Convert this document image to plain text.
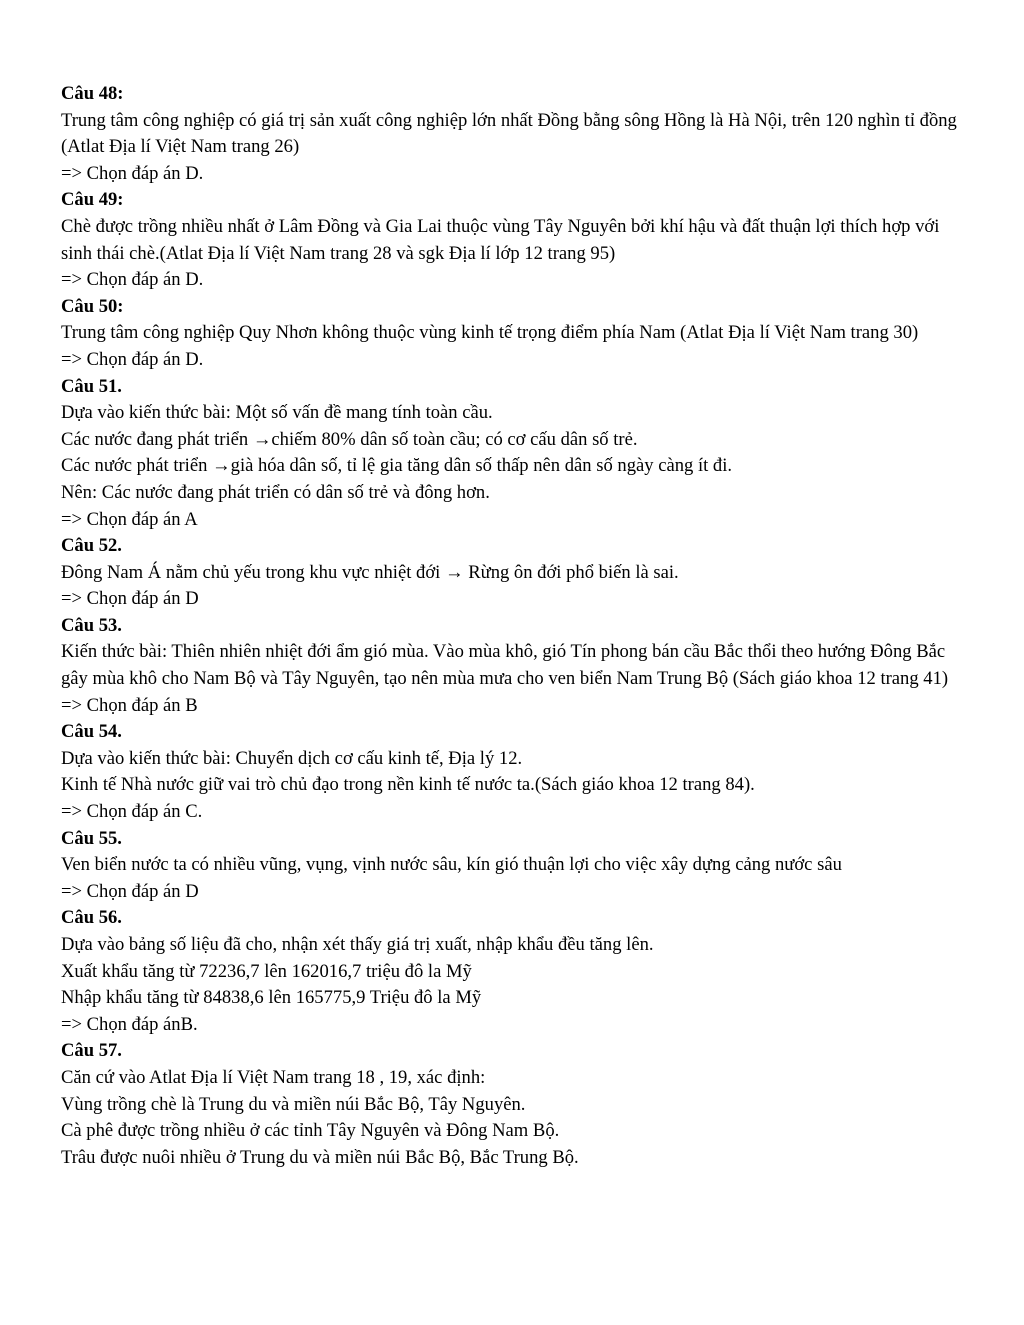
Câu 48:
Trung tâm công nghiệp có giá trị sản xuất công nghiệp lớn nhất Đồng bằng sông Hồng là Hà Nội, trên 120 nghìn tỉ đồng (Atlat Địa lí Việt Nam trang 26)
=> Chọn đáp án D.
Câu 49:
Chè được trồng nhiều nhất ở Lâm Đồng và Gia Lai thuộc vùng Tây Nguyên bởi khí hậu và đất thuận lợi thích hợp với sinh thái chè.(Atlat Địa lí Việt Nam trang 28 và sgk Địa lí lớp 12 trang 95)
=> Chọn đáp án D.
Câu 50:
Trung tâm công nghiệp Quy Nhơn không thuộc vùng kinh tế trọng điểm phía Nam (Atlat Địa lí Việt Nam trang 30)
=> Chọn đáp án D.
Câu 51.
Dựa vào kiến thức bài: Một số vấn đề mang tính toàn cầu.
Các nước đang phát triển →chiếm 80% dân số toàn cầu; có cơ cấu dân số trẻ.
Các nước phát triển →già hóa dân số, tỉ lệ gia tăng dân số thấp nên dân số ngày càng ít đi.
Nên: Các nước đang phát triển có dân số trẻ và đông hơn.
=> Chọn đáp án A
Câu 52.
Đông Nam Á nằm chủ yếu trong khu vực nhiệt đới → Rừng ôn đới phổ biến là sai.
=> Chọn đáp án D
Câu 53.
Kiến thức bài: Thiên nhiên nhiệt đới ẩm gió mùa. Vào mùa khô, gió Tín phong bán cầu Bắc thổi theo hướng Đông Bắc gây mùa khô cho Nam Bộ và Tây Nguyên, tạo nên mùa mưa cho ven biển Nam Trung Bộ (Sách giáo khoa 12 trang 41)
=> Chọn đáp án B
Câu 54.
Dựa vào kiến thức bài: Chuyển dịch cơ cấu kinh tế, Địa lý 12.
Kinh tế Nhà nước giữ vai trò chủ đạo trong nền kinh tế nước ta.(Sách giáo khoa 12 trang 84).
=> Chọn đáp án C.
Câu 55.
Ven biển nước ta có nhiều vũng, vụng, vịnh nước sâu, kín gió thuận lợi cho việc xây dựng cảng nước sâu
=> Chọn đáp án D
Câu 56.
Dựa vào bảng số liệu đã cho, nhận xét thấy giá trị xuất, nhập khẩu đều tăng lên.
Xuất khẩu tăng từ 72236,7 lên 162016,7 triệu đô la Mỹ
Nhập khẩu tăng từ 84838,6 lên 165775,9 Triệu đô la Mỹ
=> Chọn đáp ánB.
Câu 57.
Căn cứ vào Atlat Địa lí Việt Nam trang 18 , 19, xác định:
Vùng trồng chè là Trung du và miền núi Bắc Bộ, Tây Nguyên.
Cà phê được trồng nhiều ở các tỉnh Tây Nguyên và Đông Nam Bộ.
Trâu được nuôi nhiều ở Trung du và miền núi Bắc Bộ, Bắc Trung Bộ.
